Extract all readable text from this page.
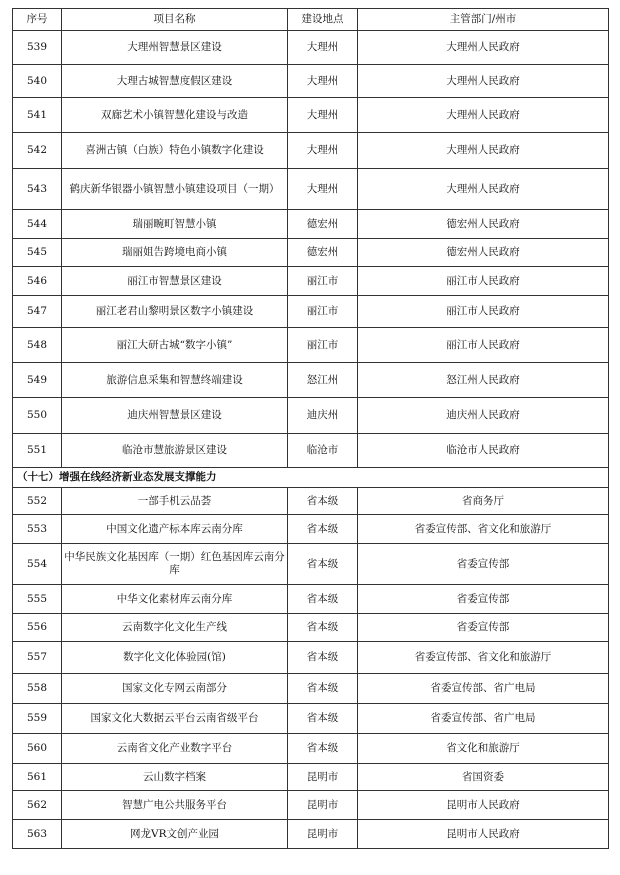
序号	项目名称	建设地点	主管部门/州市
539	大理州智慧景区建设	大理州	大理州人民政府
540	大理古城智慧度假区建设	大理州	大理州人民政府
541	双廊艺术小镇智慧化建设与改造	大理州	大理州人民政府
542	喜洲古镇（白族）特色小镇数字化建设	大理州	大理州人民政府
543	鹤庆新华银器小镇智慧小镇建设项目（一期）	大理州	大理州人民政府
544	瑞丽畹町智慧小镇	德宏州	德宏州人民政府
545	瑞丽姐告跨境电商小镇	德宏州	德宏州人民政府
546	丽江市智慧景区建设	丽江市	丽江市人民政府
547	丽江老君山黎明景区数字小镇建设	丽江市	丽江市人民政府
548	丽江大研古城“数字小镇”	丽江市	丽江市人民政府
549	旅游信息采集和智慧终端建设	怒江州	怒江州人民政府
550	迪庆州智慧景区建设	迪庆州	迪庆州人民政府
551	临沧市慧旅游景区建设	临沧市	临沧市人民政府
（十七）增强在线经济新业态发展支撑能力			
552	一部手机云品荟	省本级	省商务厅
553	中国文化遗产标本库云南分库	省本级	省委宣传部、省文化和旅游厅
554	中华民族文化基因库（一期）红色基因库云南分库	省本级	省委宣传部
555	中华文化素材库云南分库	省本级	省委宣传部
556	云南数字化文化生产线	省本级	省委宣传部
557	数字化文化体验园(馆)	省本级	省委宣传部、省文化和旅游厅
558	国家文化专网云南部分	省本级	省委宣传部、省广电局
559	国家文化大数据云平台云南省级平台	省本级	省委宣传部、省广电局
560	云南省文化产业数字平台	省本级	省文化和旅游厅
561	云山数字档案	昆明市	省国资委
562	智慧广电公共服务平台	昆明市	昆明市人民政府
563	网龙VR文创产业园	昆明市	昆明市人民政府
